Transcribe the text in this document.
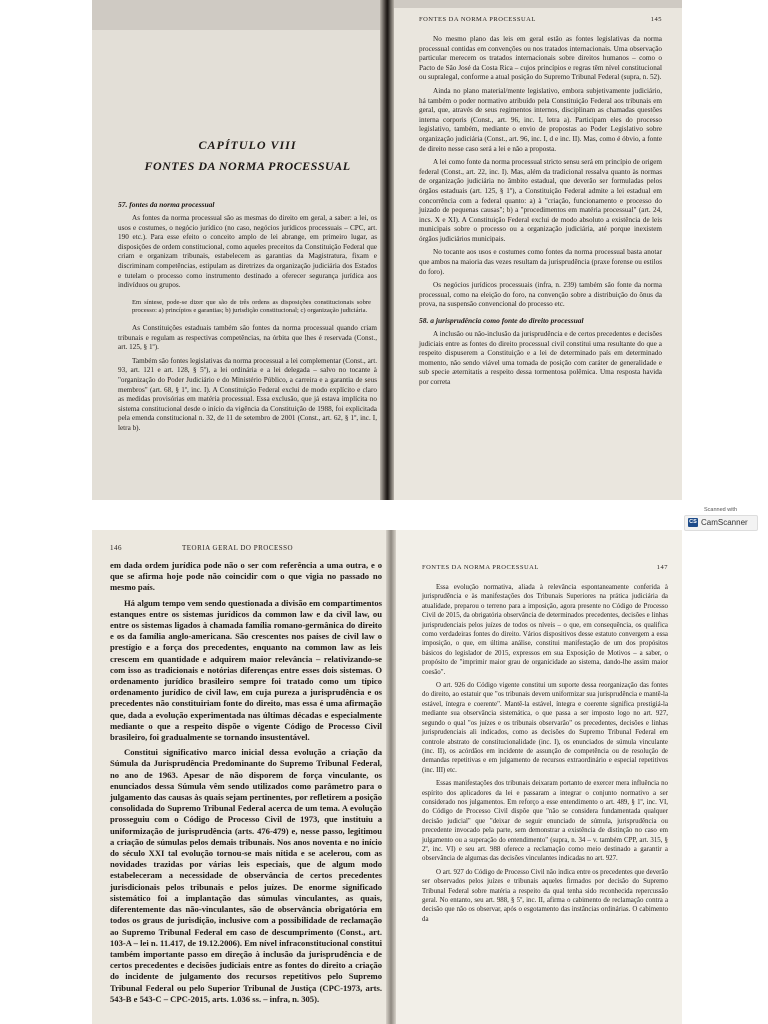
CAPÍTULO VIII
FONTES DA NORMA PROCESSUAL
57. fontes da norma processual

As fontes da norma processual são as mesmas do direito em geral, a saber: a lei, os usos e costumes, o negócio jurídico (no caso, negócios jurídicos processuais – CPC, art. 190 etc.). Para esse efeito o conceito amplo de lei abrange, em primeiro lugar, as disposições de ordem constitucional, como aqueles preceitos da Constituição Federal que criam e organizam tribunais, estabelecem as garantias da Magistratura, fixam e discriminam competências, estipulam as diretrizes da organização judiciária dos Estados e tutelam o processo como instrumento destinado a oferecer segurança jurídica aos indivíduos ou grupos.

Em síntese, pode-se dizer que são de três ordens as disposições constitucionais sobre processo: a) princípios e garantias; b) jurisdição constitucional; c) organização judiciária.

As Constituições estaduais também são fontes da norma processual quando criam tribunais e regulam as respectivas competências, na órbita que lhes é reservada (Const., art. 125, § 1º).

Também são fontes legislativas da norma processual a lei complementar (Const., art. 93, art. 121 e art. 128, § 5º), a lei ordinária e a lei delegada – salvo no tocante à "organização do Poder Judiciário e do Ministério Público, a carreira e a garantia de seus membros" (art. 68, § 1º, inc. I). A Constituição Federal exclui de modo explícito e claro as medidas provisórias em matéria processual. Essa exclusão, que já estava implícita no sistema constitucional desde o início da vigência da Constituição de 1988, foi explicitada pela emenda constitucional n. 32, de 11 de setembro de 2001 (Const., art. 62, § 1º, inc. I, letra b).

FONTES DA NORMA PROCESSUAL	145

No mesmo plano das leis em geral estão as fontes legislativas da norma processual contidas em convenções ou nos tratados internacionais. Uma observação particular merecem os tratados internacionais sobre direitos humanos – como o Pacto de São José da Costa Rica – cujos princípios e regras têm nível constitucional ou supralegal, conforme a atual posição do Supremo Tribunal Federal (supra, n. 52).

Ainda no plano material/mente legislativo, embora subjetivamente judiciário, há também o poder normativo atribuído pela Constituição Federal aos tribunais em geral, que, através de seus regimentos internos, disciplinam as chamadas questões interna corporis (Const., art. 96, inc. I, letra a). Participam eles do processo legislativo, também, mediante o envio de propostas ao Poder Legislativo sobre organização judiciária (Const., art. 96, inc. I, d e inc. II). Mas, como é óbvio, a fonte de direito nesse caso será a lei e não a proposta.

A lei como fonte da norma processual stricto sensu será em princípio de origem federal (Const., art. 22, inc. I). Mas, além da tradicional ressalva quanto às normas de organização judiciária no âmbito estadual, que deverão ser formuladas pelos órgãos estaduais (art. 125, § 1º), a Constituição Federal admite a lei estadual em concorrência com a federal quanto: a) à "criação, funcionamento e processo do juizado de pequenas causas"; b) a "procedimentos em matéria processual" (art. 24, incs. X e XI). A Constituição Federal exclui de modo absoluto a existência de leis municipais sobre o processo ou a organização judiciária, até porque inexistem órgãos judiciários municipais.

No tocante aos usos e costumes como fontes da norma processual basta anotar que ambos na maioria das vezes resultam da jurisprudência (praxe forense ou estilos do foro).

Os negócios jurídicos processuais (infra, n. 239) também são fonte da norma processual, como na eleição do foro, na convenção sobre a distribuição do ônus da prova, na suspensão convencional do processo etc.

58. a jurisprudência como fonte do direito processual

A inclusão ou não-inclusão da jurisprudência e de certos precedentes e decisões judiciais entre as fontes do direito processual civil constitui uma resultante do que a respeito dispuserem a Constituição e a lei de determinado país em determinado momento, não sendo viável uma tomada de posição com caráter de generalidade e sub specie æternitatis a respeito dessa tormentosa polêmica. Uma resposta havida por correta

Scanned with
CS CamScanner
146	TEORIA GERAL DO PROCESSO

em dada ordem jurídica pode não o ser com referência a uma outra, e o que se afirma hoje pode não coincidir com o que vigia no passado no mesmo país.

Há algum tempo vem sendo questionada a divisão em compartimentos estanques entre os sistemas jurídicos da common law e da civil law, ou entre os sistemas ligados à chamada família romano-germânica do direito e os da família anglo-americana. São crescentes nos países de civil law o prestígio e a força dos precedentes, enquanto na common law as leis crescem em quantidade e adquirem maior relevância – relativizando-se com isso as tradicionais e notórias diferenças entre esses dois sistemas. O ordenamento jurídico brasileiro sempre foi tratado como um típico ordenamento jurídico de civil law, em cuja pureza a jurisprudência e os precedentes não constituiriam fonte do direito, mas essa é uma afirmação que, dada a evolução experimentada nas últimas décadas e especialmente mediante o que a respeito dispõe o vigente Código de Processo Civil brasileiro, foi gradualmente se tornando insustentável.

Constitui significativo marco inicial dessa evolução a criação da Súmula da Jurisprudência Predominante do Supremo Tribunal Federal, no ano de 1963. Apesar de não disporem de força vinculante, os enunciados dessa Súmula vêm sendo utilizados como parâmetro para o julgamento das causas às quais sejam pertinentes, por refletirem a posição consolidada do Supremo Tribunal Federal acerca de um tema. A evolução prosseguiu com o Código de Processo Civil de 1973, que instituiu a uniformização de jurisprudência (arts. 476-479) e, nesse passo, legitimou a criação de súmulas pelos demais tribunais. Nos anos noventa e no início do século XXI tal evolução tornou-se mais nítida e se acelerou, com as novidades trazidas por várias leis especiais, que de algum modo estabeleceram a necessidade de observância de certos precedentes jurisdicionais pelos tribunais e pelos juízes. De enorme significado sistemático foi a implantação das súmulas vinculantes, as quais, diferentemente das não-vinculantes, são de observância obrigatória em todos os graus de jurisdição, inclusive com a possibilidade de reclamação ao Supremo Tribunal Federal em caso de descumprimento (Const., art. 103-A – lei n. 11.417, de 19.12.2006). Em nível infraconstitucional constitui também importante passo em direção à inclusão da jurisprudência e de certos precedentes e decisões judiciais entre as fontes do direito a criação do incidente de julgamento dos recursos repetitivos pelo Supremo Tribunal Federal ou pelo Superior Tribunal de Justiça (CPC-1973, arts. 543-B e 543-C – CPC-2015, arts. 1.036 ss. – infra, n. 305).

FONTES DA NORMA PROCESSUAL	147

Essa evolução normativa, aliada à relevância espontaneamente conferida à jurisprudência e às manifestações dos Tribunais Superiores na prática judiciária da atualidade, preparou o terreno para a imposição, agora presente no Código de Processo Civil de 2015, da obrigatória observância de determinados precedentes, decisões e linhas jurisprudenciais pelos juízes de todos os níveis – o que, em consequência, os qualifica como verdadeiras fontes do direito. Vários dispositivos desse estatuto convergem a essa imposição, o que, em última análise, constitui manifestação de um dos propósitos básicos do legislador de 2015, expressos em sua Exposição de Motivos – a saber, o propósito de "imprimir maior grau de organicidade ao sistema, dando-lhe assim maior coesão".

O art. 926 do Código vigente constitui um suporte dessa reorganização das fontes do direito, ao estatuir que "os tribunais devem uniformizar sua jurisprudência e mantê-la estável, íntegra e coerente". Mantê-la estável, íntegra e coerente significa prestigiá-la mediante sua observância sistemática, o que passa a ser imposto logo no art. 927, segundo o qual "os juízes e os tribunais observarão" os precedentes, decisões e linhas jurisprudenciais ali indicados, como as decisões do Supremo Tribunal Federal em controle abstrato de constitucionalidade (inc. I), os enunciados de súmula vinculante (inc. II), os acórdãos em incidente de assunção de competência ou de resolução de demandas repetitivas e em julgamento de recursos extraordinário e especial repetitivos (inc. III) etc.

Essas manifestações dos tribunais deixaram portanto de exercer mera influência no espírito dos aplicadores da lei e passaram a integrar o conjunto normativo a ser considerado nos julgamentos. Em reforço a esse entendimento o art. 489, § 1º, inc. VI, do Código de Processo Civil dispõe que "não se considera fundamentada qualquer decisão judicial" que "deixar de seguir enunciado de súmula, jurisprudência ou precedente invocado pela parte, sem demonstrar a existência de distinção no caso em julgamento ou a superação do entendimento" (supra, n. 34 – v. também CPP, art. 315, § 2º, inc. VI) e seu art. 988 oferece a reclamação como meio destinado a garantir a observância de algumas das decisões vinculantes indicadas no art. 927.

O art. 927 do Código de Processo Civil não indica entre os precedentes que deverão ser observados pelos juízes e tribunais aqueles firmados por decisão do Supremo Tribunal Federal sobre matéria a respeito da qual tenha sido reconhecida repercussão geral. No entanto, seu art. 988, § 5º, inc. II, afirma o cabimento de reclamação contra a decisão que não os observar, após o esgotamento das instâncias ordinárias. O cabimento da
